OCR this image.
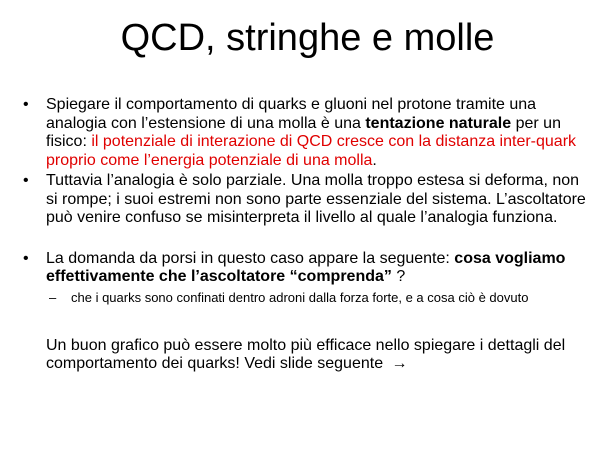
QCD, stringhe e molle
• Spiegare il comportamento di quarks e gluoni nel protone tramite una analogia con l’estensione di una molla è una tentazione naturale per un fisico: il potenziale di interazione di QCD cresce con la distanza inter-quark proprio come l’energia potenziale di una molla.
• Tuttavia l’analogia è solo parziale. Una molla troppo estesa si deforma, non si rompe; i suoi estremi non sono parte essenziale del sistema. L’ascoltatore può venire confuso se misinterpreta il livello al quale l’analogia funziona.
• La domanda da porsi in questo caso appare la seguente: cosa vogliamo effettivamente che l’ascoltatore “comprenda” ?
– che i quarks sono confinati dentro adroni dalla forza forte, e a cosa ciò è dovuto
Un buon grafico può essere molto più efficace nello spiegare i dettagli del comportamento dei quarks! Vedi slide seguente →
